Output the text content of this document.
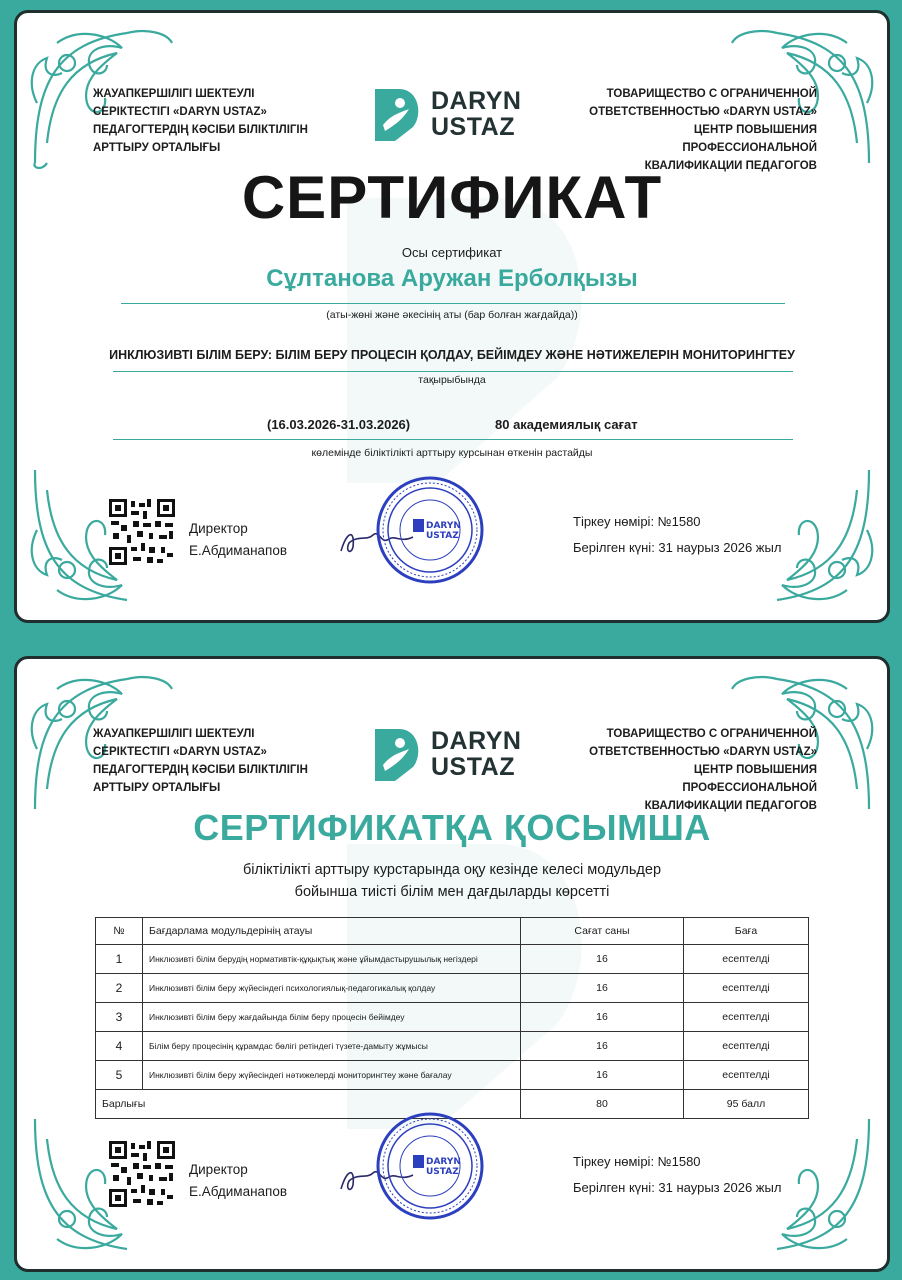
ЖАУАПКЕРШІЛІГІ ШЕКТЕУЛІ
СЕРІКТЕСТІГІ «DARYN USTAZ»
ПЕДАГОГТЕРДІҢ КӘСІБИ БІЛІКТІЛІГІН
АРТТЫРУ ОРТАЛЫҒЫ
DARYN
USTAZ
ТОВАРИЩЕСТВО С ОГРАНИЧЕННОЙ
ОТВЕТСТВЕННОСТЬЮ «DARYN USTAZ»
ЦЕНТР ПОВЫШЕНИЯ ПРОФЕССИОНАЛЬНОЙ
КВАЛИФИКАЦИИ ПЕДАГОГОВ
СЕРТИФИКАТ
Осы сертификат
Сұлтанова Аружан Ерболқызы
(аты-жөні және әкесінің аты (бар болған жағдайда))
ИНКЛЮЗИВТІ БІЛІМ БЕРУ: БІЛІМ БЕРУ ПРОЦЕСІН ҚОЛДАУ, БЕЙІМДЕУ ЖӘНЕ НӘТИЖЕЛЕРІН МОНИТОРИНГТЕУ
тақырыбында
(16.03.2026-31.03.2026)	80 академиялық сағат
көлемінде біліктілікті арттыру курсынан өткенін растайды
Директор
Е.Абдиманапов
DARYN
USTAZ
Тіркеу нөмірі: №1580
Берілген күні: 31 наурыз 2026 жыл
ЖАУАПКЕРШІЛІГІ ШЕКТЕУЛІ
СЕРІКТЕСТІГІ «DARYN USTAZ»
ПЕДАГОГТЕРДІҢ КӘСІБИ БІЛІКТІЛІГІН
АРТТЫРУ ОРТАЛЫҒЫ
DARYN
USTAZ
ТОВАРИЩЕСТВО С ОГРАНИЧЕННОЙ
ОТВЕТСТВЕННОСТЬЮ «DARYN USTAZ»
ЦЕНТР ПОВЫШЕНИЯ ПРОФЕССИОНАЛЬНОЙ
КВАЛИФИКАЦИИ ПЕДАГОГОВ
СЕРТИФИКАТҚА ҚОСЫМША
біліктілікті арттыру курстарында оқу кезінде келесі модульдер
бойынша тиісті білім мен дағдыларды көрсетті
№	Бағдарлама модульдерінің атауы	Сағат саны	Баға
1	Инклюзивті білім берудің нормативтік-құқықтық және ұйымдастырушылық негіздері	16	есептелді
2	Инклюзивті білім беру жүйесіндегі психологиялық-педагогикалық қолдау	16	есептелді
3	Инклюзивті білім беру жағдайында білім беру процесін бейімдеу	16	есептелді
4	Білім беру процесінің құрамдас бөлігі ретіндегі түзете-дамыту жұмысы	16	есептелді
5	Инклюзивті білім беру жүйесіндегі нәтижелерді мониторингтеу және бағалау	16	есептелді
Барлығы		80	95 балл
Директор
Е.Абдиманапов
DARYN
USTAZ
Тіркеу нөмірі: №1580
Берілген күні: 31 наурыз 2026 жыл
